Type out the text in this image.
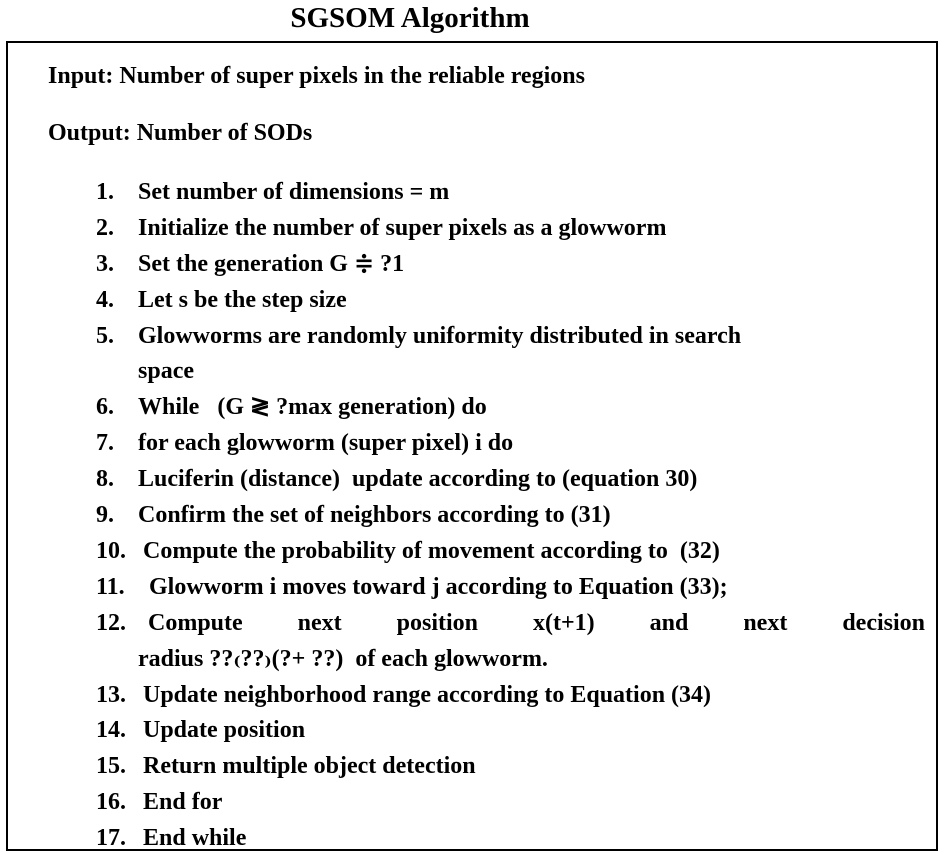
SGSOM Algorithm
Input: Number of super pixels in the reliable regions
Output: Number of SODs
1. Set number of dimensions = m
2. Initialize the number of super pixels as a glowworm
3. Set the generation G ≑ ?1
4. Let s be the step size
5. Glowworms are randomly uniformity distributed in search
space
6. While   (G ≷ ?max generation) do
7. for each glowworm (super pixel) i do
8. Luciferin (distance)  update according to (equation 30)
9. Confirm the set of neighbors according to (31)
10. Compute the probability of movement according to  (32)
11. Glowworm i moves toward j according to Equation (33);
12. Compute next position x(t+1) and next decision
radius ??₍??₎(?+ ??)  of each glowworm.
13. Update neighborhood range according to Equation (34)
14. Update position
15. Return multiple object detection
16. End for
17. End while
